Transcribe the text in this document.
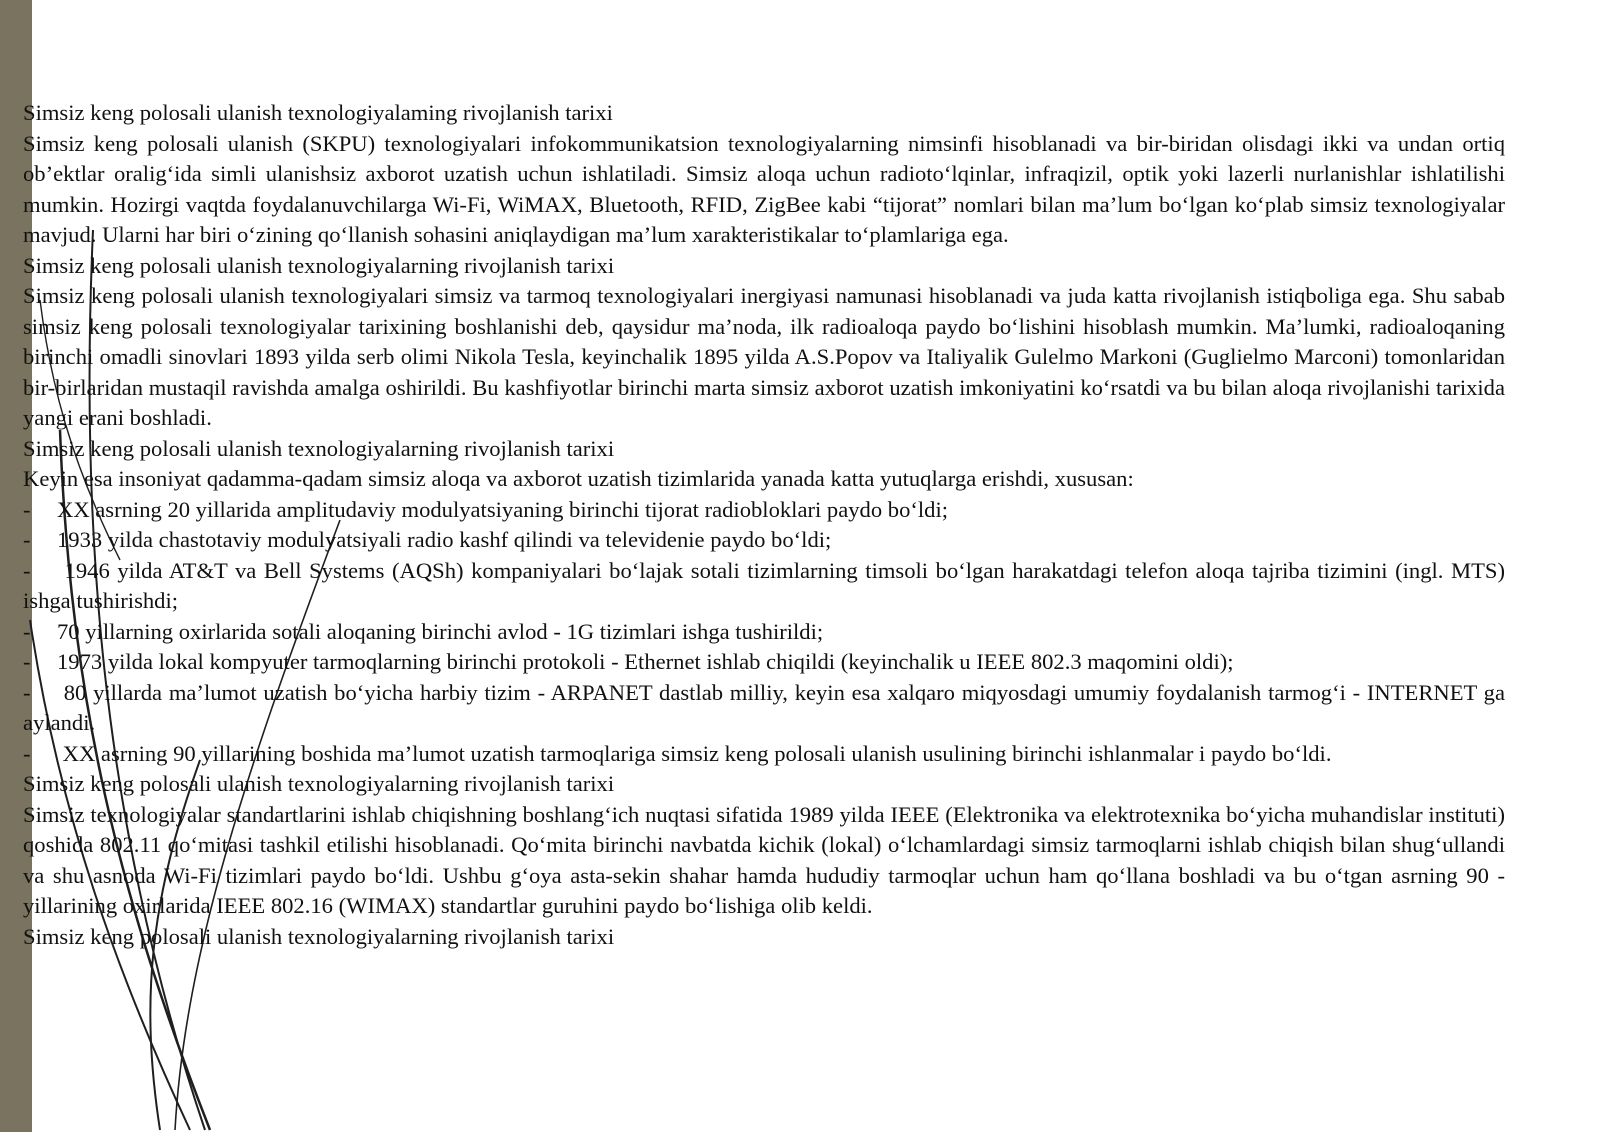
Simsiz keng polosali ulanish texnologiyalaming rivojlanish tarixi

Simsiz keng polosali ulanish (SKPU) texnologiyalari infokommunikatsion texnologiyalarning nimsinfi hisoblanadi va bir-biridan olisdagi ikki va undan ortiq ob’ektlar oralig‘ida simli ulanishsiz axborot uzatish uchun ishlatiladi. Simsiz aloqa uchun radioto‘lqinlar, infraqizil, optik yoki lazerli nurlanishlar ishlatilishi mumkin. Hozirgi vaqtda foydalanuvchilarga Wi-Fi, WiMAX, Bluetooth, RFID, ZigBee kabi “tijorat” nomlari bilan ma’lum bo‘lgan ko‘plab simsiz texnologiyalar mavjud. Ularni har biri o‘zining qo‘llanish sohasini aniqlaydigan ma’lum xarakteristikalar to‘plamlariga ega.

Simsiz keng polosali ulanish texnologiyalarning rivojlanish tarixi

Simsiz keng polosali ulanish texnologiyalari simsiz va tarmoq texnologiyalari inergiyasi namunasi hisoblanadi va juda katta rivojlanish istiqboliga ega. Shu sabab simsiz keng polosali texnologiyalar tarixining boshlanishi deb, qaysidur ma’noda, ilk radioaloqa paydo bo‘lishini hisoblash mumkin. Ma’lumki, radioaloqaning birinchi omadli sinovlari 1893 yilda serb olimi Nikola Tesla, keyinchalik 1895 yilda A.S.Popov va Italiyalik Gulelmo Markoni (Guglielmo Marconi) tomonlaridan bir-birlaridan mustaqil ravishda amalga oshirildi. Bu kashfiyotlar birinchi marta simsiz axborot uzatish imkoniyatini ko‘rsatdi va bu bilan aloqa rivojlanishi tarixida yangi erani boshladi.

Simsiz keng polosali ulanish texnologiyalarning rivojlanish tarixi

Keyin esa insoniyat qadamma-qadam simsiz aloqa va axborot uzatish tizimlarida yanada katta yutuqlarga erishdi, xususan:

- XX asrning 20 yillarida amplitudaviy modulyatsiyaning birinchi tijorat radiobloklari paydo bo‘ldi;

- 1933 yilda chastotaviy modulyatsiyali radio kashf qilindi va televidenie paydo bo‘ldi;

- 1946 yilda AT&T va Bell Systems (AQSh) kompaniyalari bo‘lajak sotali tizimlarning timsoli bo‘lgan harakatdagi telefon aloqa tajriba tizimini (ingl. MTS) ishga tushirishdi;

- 70 yillarning oxirlarida sotali aloqaning birinchi avlod - 1G tizimlari ishga tushirildi;

- 1973 yilda lokal kompyuter tarmoqlarning birinchi protokoli - Ethernet ishlab chiqildi (keyinchalik u IEEE 802.3 maqomini oldi);

- 80 yillarda ma’lumot uzatish bo‘yicha harbiy tizim - ARPANET dastlab milliy, keyin esa xalqaro miqyosdagi umumiy foydalanish tarmog‘i - INTERNET ga aylandi.

- XX asrning 90 yillarining boshida ma’lumot uzatish tarmoqlariga simsiz keng polosali ulanish usulining birinchi ishlanmalar i paydo bo‘ldi.

Simsiz keng polosali ulanish texnologiyalarning rivojlanish tarixi

Simsiz texnologiyalar standartlarini ishlab chiqishning boshlang‘ich nuqtasi sifatida 1989 yilda IEEE (Elektronika va elektrotexnika bo‘yicha muhandislar instituti) qoshida 802.11 qo‘mitasi tashkil etilishi hisoblanadi. Qo‘mita birinchi navbatda kichik (lokal) o‘lchamlardagi simsiz tarmoqlarni ishlab chiqish bilan shug‘ullandi va shu asnoda Wi-Fi tizimlari paydo bo‘ldi. Ushbu g‘oya asta-sekin shahar hamda hududiy tarmoqlar uchun ham qo‘llana boshladi va bu o‘tgan asrning 90 - yillarining oxirlarida IEEE 802.16 (WIMAX) standartlar guruhini paydo bo‘lishiga olib keldi.

Simsiz keng polosali ulanish texnologiyalarning rivojlanish tarixi
